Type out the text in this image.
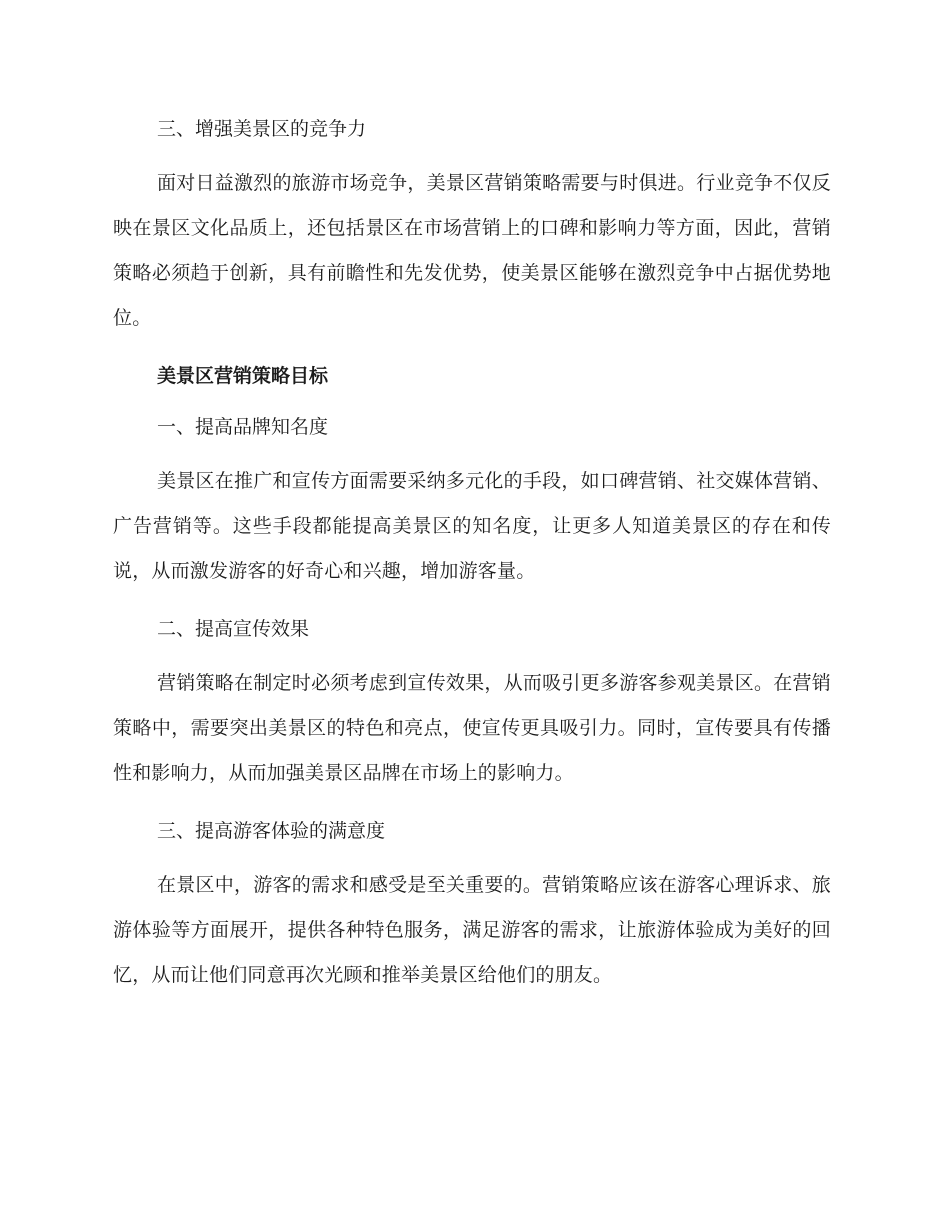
三、增强美景区的竞争力

面对日益激烈的旅游市场竞争，美景区营销策略需要与时俱进。行业竞争不仅反映在景区文化品质上，还包括景区在市场营销上的口碑和影响力等方面，因此，营销策略必须趋于创新，具有前瞻性和先发优势，使美景区能够在激烈竞争中占据优势地位。

美景区营销策略目标
一、提高品牌知名度

美景区在推广和宣传方面需要采纳多元化的手段，如口碑营销、社交媒体营销、广告营销等。这些手段都能提高美景区的知名度，让更多人知道美景区的存在和传说，从而激发游客的好奇心和兴趣，增加游客量。

二、提高宣传效果

营销策略在制定时必须考虑到宣传效果，从而吸引更多游客参观美景区。在营销策略中，需要突出美景区的特色和亮点，使宣传更具吸引力。同时，宣传要具有传播性和影响力，从而加强美景区品牌在市场上的影响力。

三、提高游客体验的满意度

在景区中，游客的需求和感受是至关重要的。营销策略应该在游客心理诉求、旅游体验等方面展开，提供各种特色服务，满足游客的需求，让旅游体验成为美好的回忆，从而让他们同意再次光顾和推举美景区给他们的朋友。
